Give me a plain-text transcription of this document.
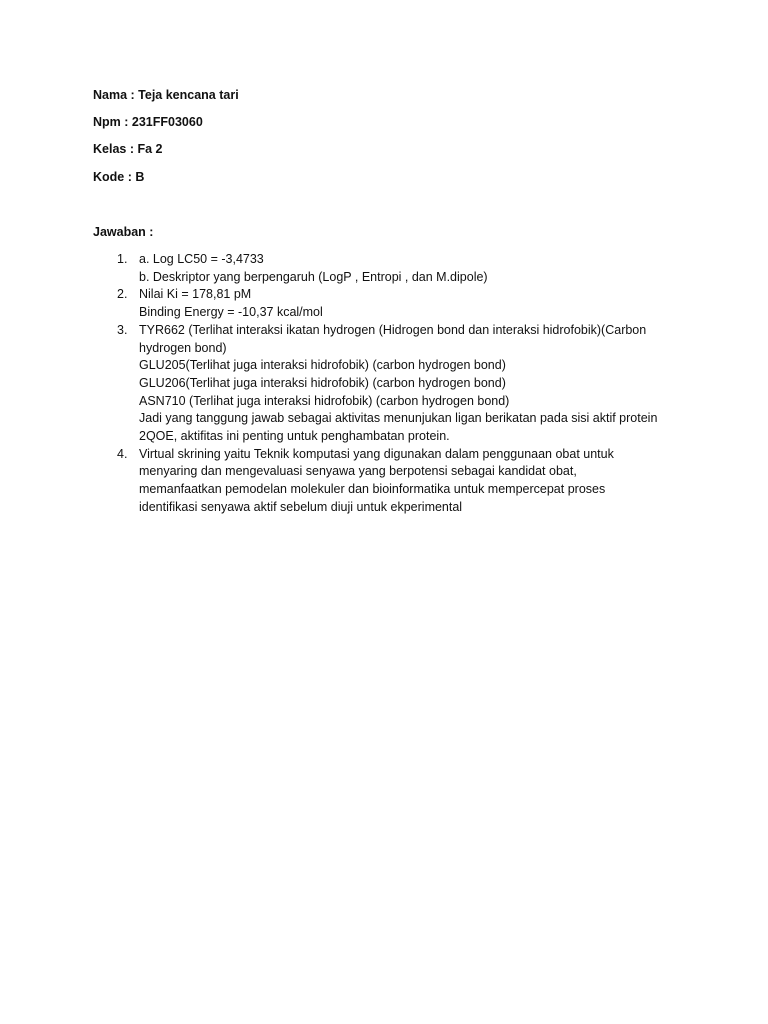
Nama : Teja kencana tari
Npm : 231FF03060
Kelas : Fa 2
Kode : B
Jawaban :
1. a. Log LC50 = -3,4733
b. Deskriptor yang berpengaruh (LogP , Entropi , dan M.dipole)
2. Nilai Ki = 178,81 pM
Binding Energy = -10,37 kcal/mol
3. TYR662 (Terlihat interaksi ikatan hydrogen (Hidrogen bond dan interaksi hidrofobik)(Carbon
hydrogen bond)
GLU205(Terlihat juga interaksi hidrofobik) (carbon hydrogen bond)
GLU206(Terlihat juga interaksi hidrofobik) (carbon hydrogen bond)
ASN710 (Terlihat juga interaksi hidrofobik) (carbon hydrogen bond)
Jadi yang tanggung jawab sebagai aktivitas menunjukan ligan berikatan pada sisi aktif protein
2QOE, aktifitas ini penting untuk penghambatan protein.
4. Virtual skrining yaitu Teknik komputasi yang digunakan dalam penggunaan obat untuk
menyaring dan mengevaluasi senyawa yang berpotensi sebagai kandidat obat,
memanfaatkan pemodelan molekuler dan bioinformatika untuk mempercepat proses
identifikasi senyawa aktif sebelum diuji untuk ekperimental
